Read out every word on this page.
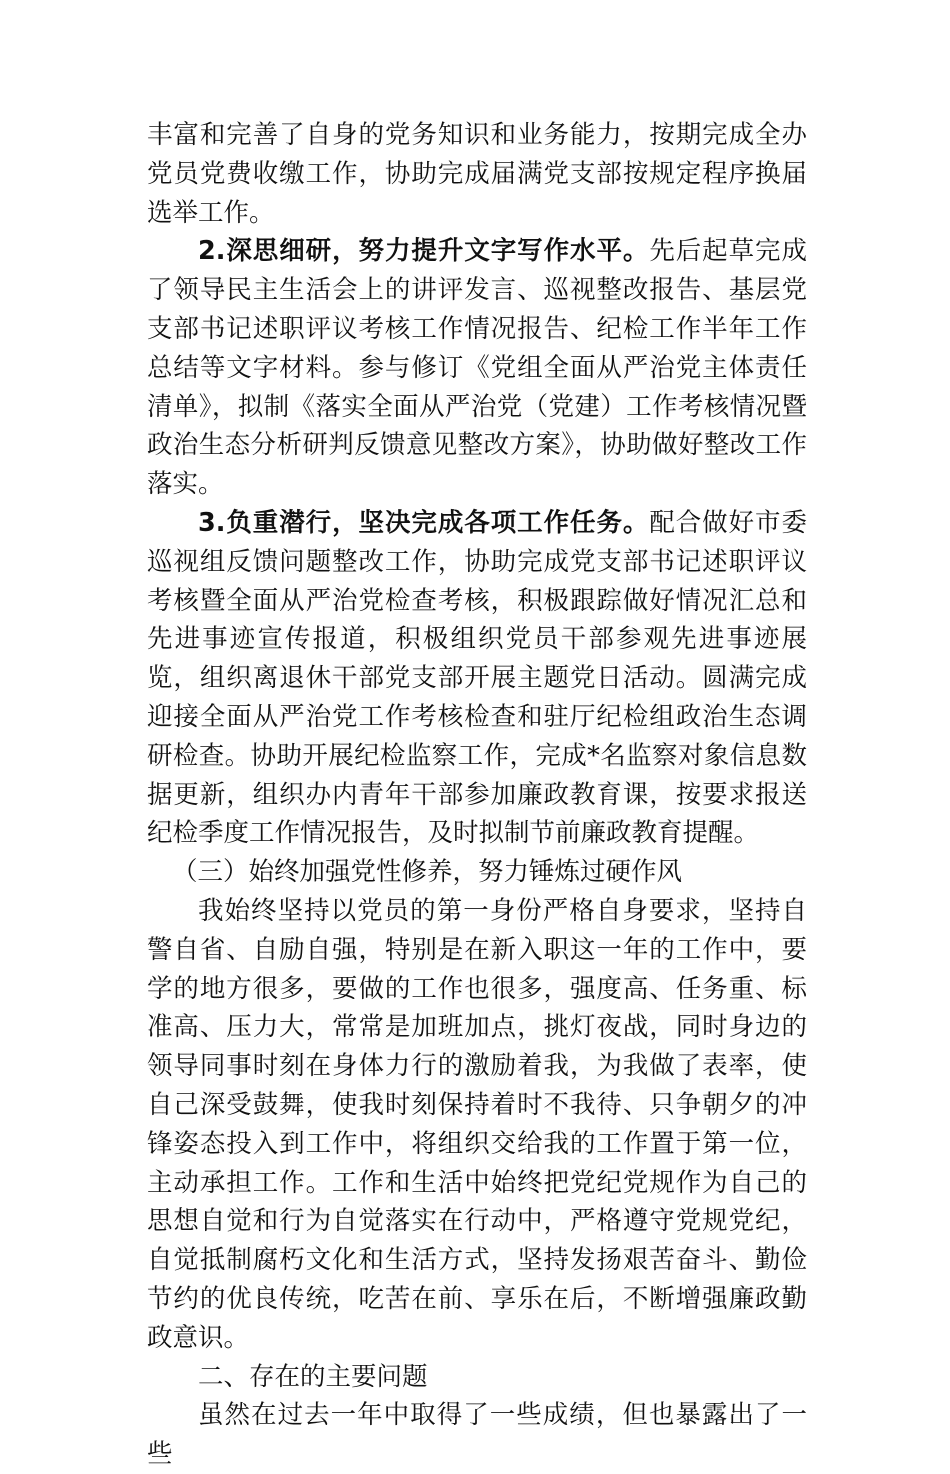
丰富和完善了自身的党务知识和业务能力，按期完成全办党员党费收缴工作，协助完成届满党支部按规定程序换届选举工作。

2.深思细研，努力提升文字写作水平。先后起草完成了领导民主生活会上的讲评发言、巡视整改报告、基层党支部书记述职评议考核工作情况报告、纪检工作半年工作总结等文字材料。参与修订《党组全面从严治党主体责任清单》，拟制《落实全面从严治党（党建）工作考核情况暨政治生态分析研判反馈意见整改方案》，协助做好整改工作落实。

3.负重潜行，坚决完成各项工作任务。配合做好市委巡视组反馈问题整改工作，协助完成党支部书记述职评议考核暨全面从严治党检查考核，积极跟踪做好情况汇总和先进事迹宣传报道，积极组织党员干部参观先进事迹展览，组织离退休干部党支部开展主题党日活动。圆满完成迎接全面从严治党工作考核检查和驻厅纪检组政治生态调研检查。协助开展纪检监察工作，完成*名监察对象信息数据更新，组织办内青年干部参加廉政教育课，按要求报送纪检季度工作情况报告，及时拟制节前廉政教育提醒。

（三）始终加强党性修养，努力锤炼过硬作风

我始终坚持以党员的第一身份严格自身要求，坚持自警自省、自励自强，特别是在新入职这一年的工作中，要学的地方很多，要做的工作也很多，强度高、任务重、标准高、压力大，常常是加班加点，挑灯夜战，同时身边的领导同事时刻在身体力行的激励着我，为我做了表率，使自己深受鼓舞，使我时刻保持着时不我待、只争朝夕的冲锋姿态投入到工作中，将组织交给我的工作置于第一位，主动承担工作。工作和生活中始终把党纪党规作为自己的思想自觉和行为自觉落实在行动中，严格遵守党规党纪，自觉抵制腐朽文化和生活方式，坚持发扬艰苦奋斗、勤俭节约的优良传统，吃苦在前、享乐在后，不断增强廉政勤政意识。

二、存在的主要问题

虽然在过去一年中取得了一些成绩，但也暴露出了一些
